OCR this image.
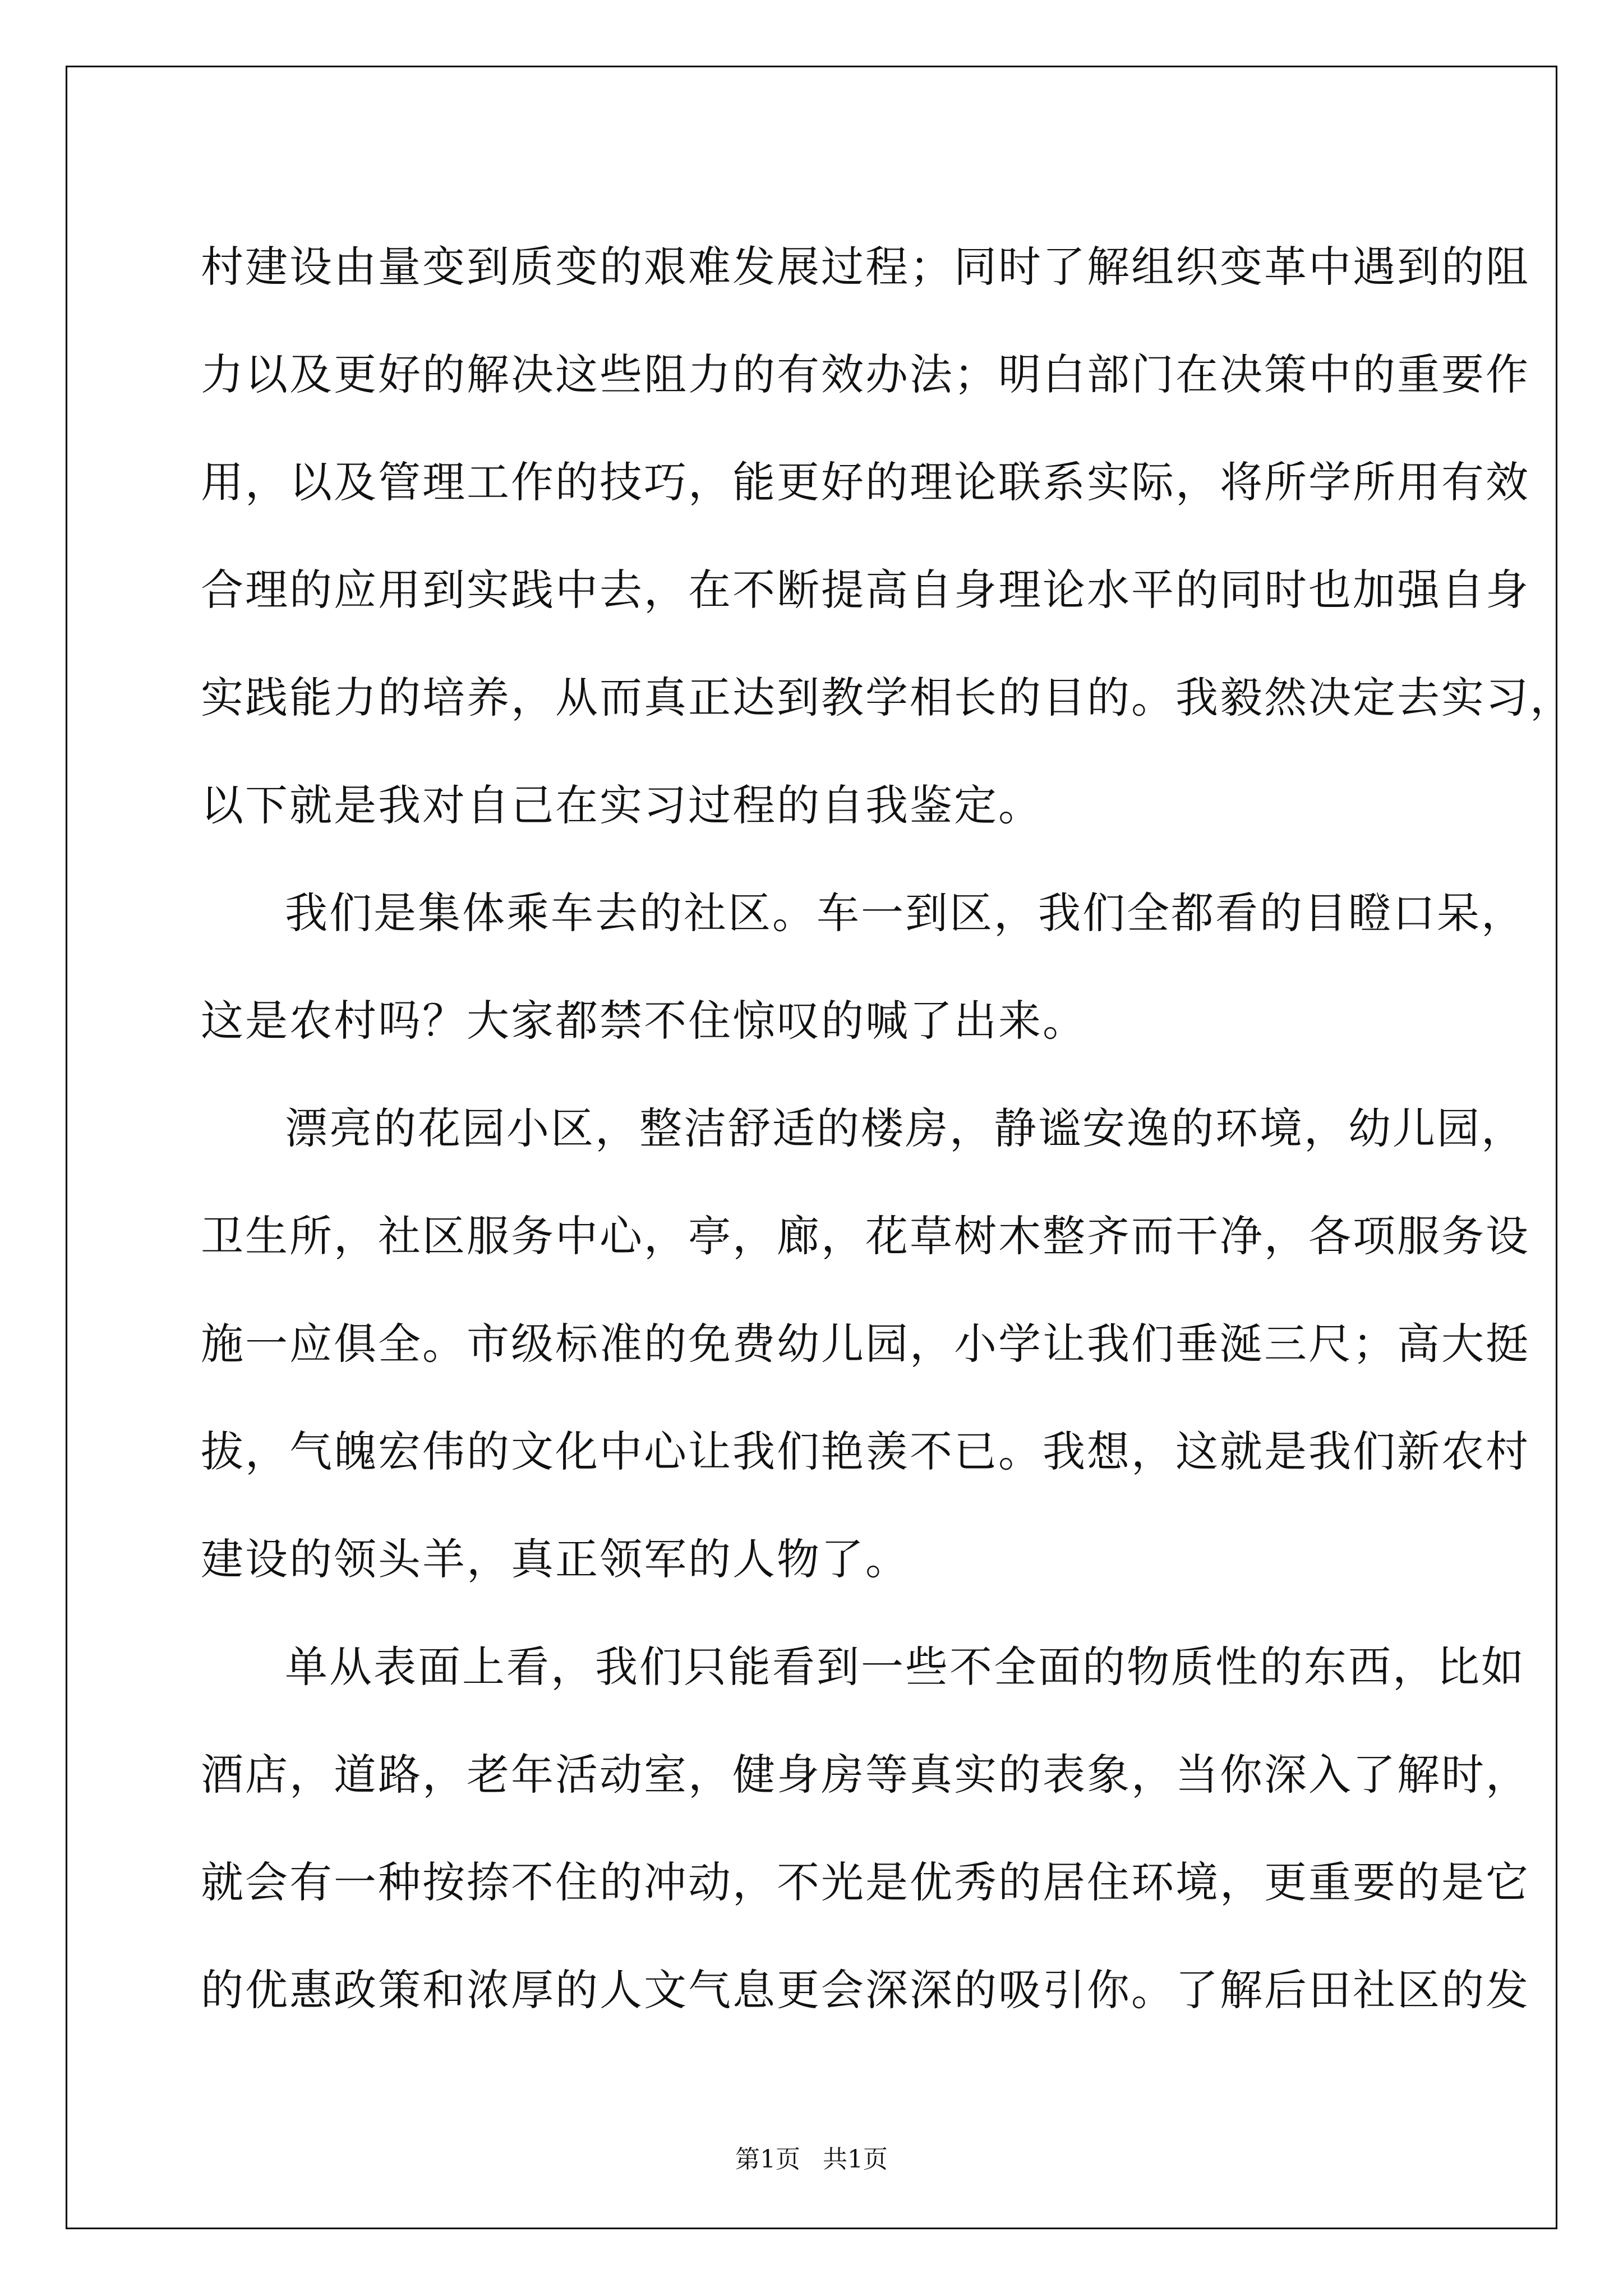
村建设由量变到质变的艰难发展过程；同时了解组织变革中遇到的阻
力以及更好的解决这些阻力的有效办法；明白部门在决策中的重要作
用，以及管理工作的技巧，能更好的理论联系实际，将所学所用有效
合理的应用到实践中去，在不断提高自身理论水平的同时也加强自身
实践能力的培养，从而真正达到教学相长的目的。我毅然决定去实习，
以下就是我对自己在实习过程的自我鉴定。
我们是集体乘车去的社区。车一到区，我们全都看的目瞪口呆，
这是农村吗？大家都禁不住惊叹的喊了出来。
漂亮的花园小区，整洁舒适的楼房，静谧安逸的环境，幼儿园，
卫生所，社区服务中心，亭，廊，花草树木整齐而干净，各项服务设
施一应俱全。市级标准的免费幼儿园，小学让我们垂涎三尺；高大挺
拔，气魄宏伟的文化中心让我们艳羡不已。我想，这就是我们新农村
建设的领头羊，真正领军的人物了。
单从表面上看，我们只能看到一些不全面的物质性的东西，比如
酒店，道路，老年活动室，健身房等真实的表象，当你深入了解时，
就会有一种按捺不住的冲动，不光是优秀的居住环境，更重要的是它
的优惠政策和浓厚的人文气息更会深深的吸引你。了解后田社区的发
第1页 共1页
